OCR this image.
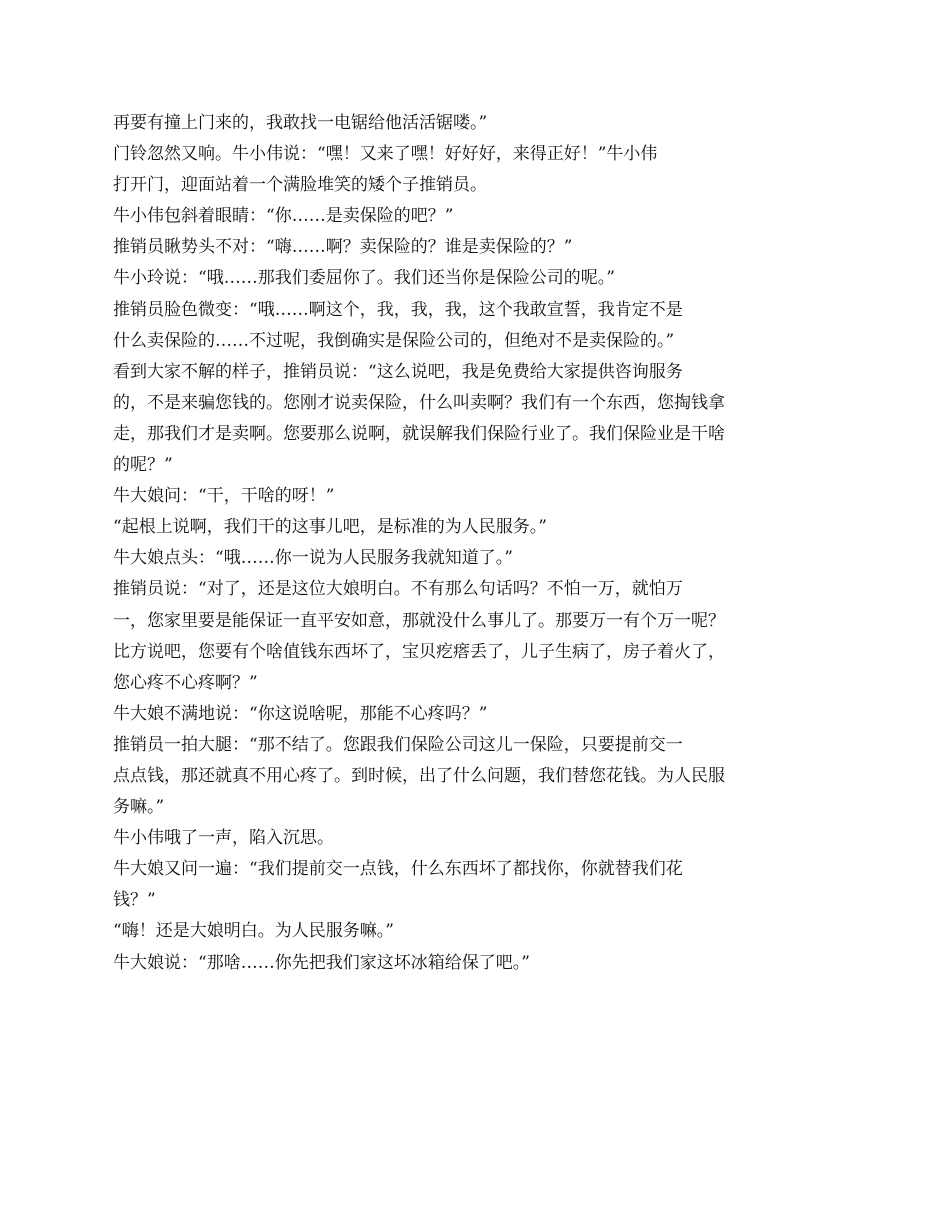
再要有撞上门来的，我敢找一电锯给他活活锯喽。”
门铃忽然又响。牛小伟说：“嘿！又来了嘿！好好好，来得正好！”牛小伟
打开门，迎面站着一个满脸堆笑的矮个子推销员。
牛小伟包斜着眼睛：“你……是卖保险的吧？”
推销员瞅势头不对：“嗨……啊？卖保险的？谁是卖保险的？”
牛小玲说：“哦……那我们委屈你了。我们还当你是保险公司的呢。”
推销员脸色微变：“哦……啊这个，我，我，我，这个我敢宣誓，我肯定不是
什么卖保险的……不过呢，我倒确实是保险公司的，但绝对不是卖保险的。”
看到大家不解的样子，推销员说：“这么说吧，我是免费给大家提供咨询服务
的，不是来骗您钱的。您刚才说卖保险，什么叫卖啊？我们有一个东西，您掏钱拿
走，那我们才是卖啊。您要那么说啊，就误解我们保险行业了。我们保险业是干啥
的呢？”
牛大娘问：“干，干啥的呀！”
“起根上说啊，我们干的这事儿吧，是标准的为人民服务。”
牛大娘点头：“哦……你一说为人民服务我就知道了。”
推销员说：“对了，还是这位大娘明白。不有那么句话吗？不怕一万，就怕万
一，您家里要是能保证一直平安如意，那就没什么事儿了。那要万一有个万一呢？
比方说吧，您要有个啥值钱东西坏了，宝贝疙瘩丢了，儿子生病了，房子着火了，
您心疼不心疼啊？”
牛大娘不满地说：“你这说啥呢，那能不心疼吗？”
推销员一拍大腿：“那不结了。您跟我们保险公司这儿一保险，只要提前交一
点点钱，那还就真不用心疼了。到时候，出了什么问题，我们替您花钱。为人民服
务嘛。”
牛小伟哦了一声，陷入沉思。
牛大娘又问一遍：“我们提前交一点钱，什么东西坏了都找你，你就替我们花
钱？”
“嗨！还是大娘明白。为人民服务嘛。”
牛大娘说：“那啥……你先把我们家这坏冰箱给保了吧。”
